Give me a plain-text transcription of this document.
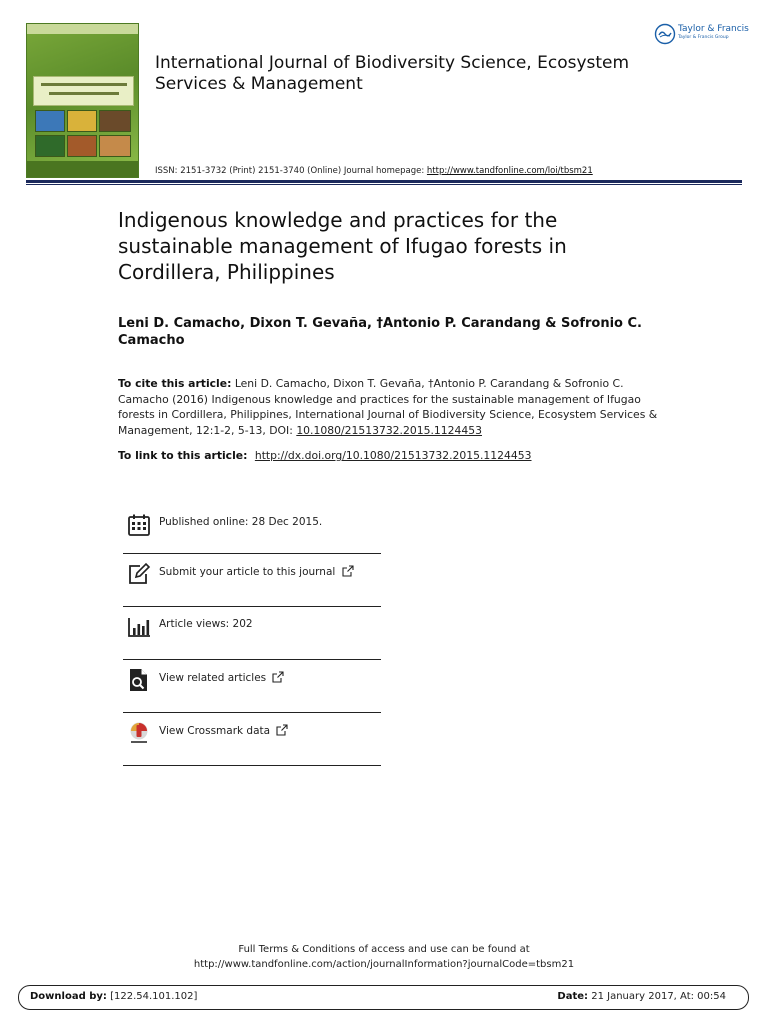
International Journal of Biodiversity Science, Ecosystem Services & Management
Taylor & Francis
Taylor & Francis Group
ISSN: 2151-3732 (Print) 2151-3740 (Online) Journal homepage: http://www.tandfonline.com/loi/tbsm21
Indigenous knowledge and practices for the sustainable management of Ifugao forests in Cordillera, Philippines
Leni D. Camacho, Dixon T. Gevaña, †Antonio P. Carandang & Sofronio C. Camacho
To cite this article: Leni D. Camacho, Dixon T. Gevaña, †Antonio P. Carandang & Sofronio C. Camacho (2016) Indigenous knowledge and practices for the sustainable management of Ifugao forests in Cordillera, Philippines, International Journal of Biodiversity Science, Ecosystem Services & Management, 12:1-2, 5-13, DOI: 10.1080/21513732.2015.1124453
To link to this article: http://dx.doi.org/10.1080/21513732.2015.1124453
Published online: 28 Dec 2015.
Submit your article to this journal
Article views: 202
View related articles
View Crossmark data
Full Terms & Conditions of access and use can be found at
http://www.tandfonline.com/action/journalInformation?journalCode=tbsm21
Download by: [122.54.101.102]	Date: 21 January 2017, At: 00:54
